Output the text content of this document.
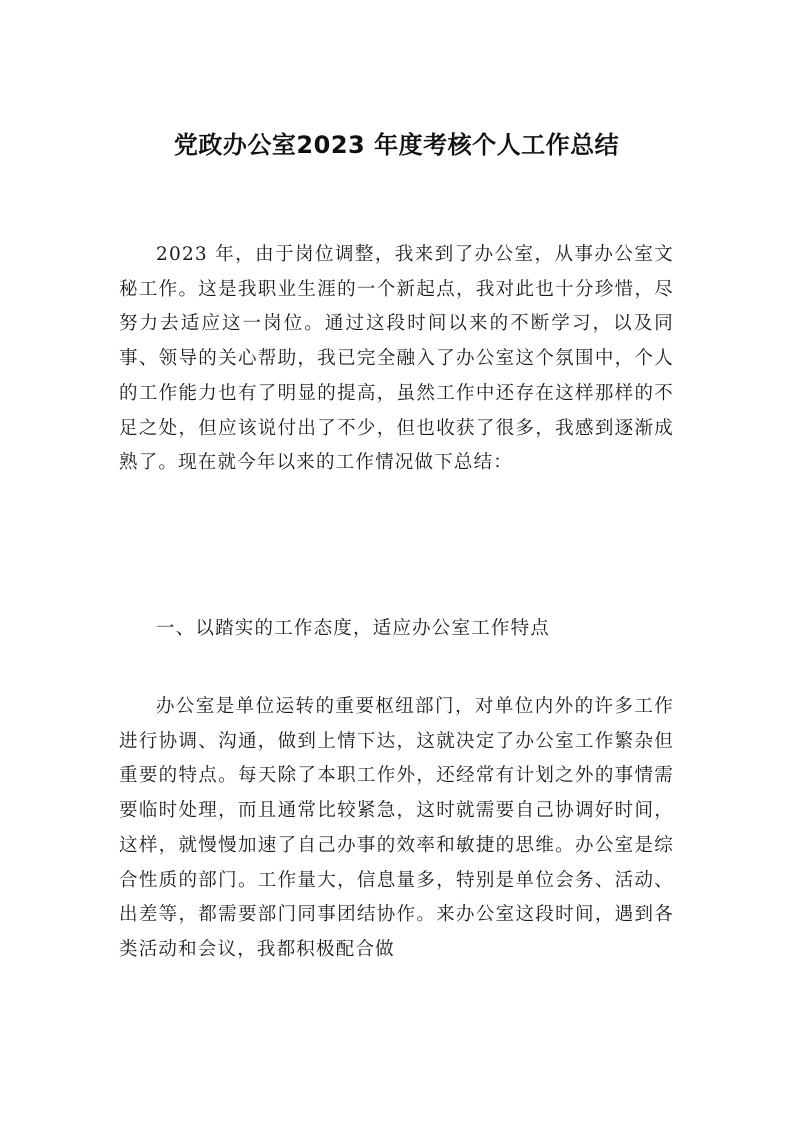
党政办公室2023 年度考核个人工作总结

2023 年，由于岗位调整，我来到了办公室，从事办公室文秘工作。这是我职业生涯的一个新起点，我对此也十分珍惜，尽努力去适应这一岗位。通过这段时间以来的不断学习，以及同事、领导的关心帮助，我已完全融入了办公室这个氛围中，个人的工作能力也有了明显的提高，虽然工作中还存在这样那样的不足之处，但应该说付出了不少，但也收获了很多，我感到逐渐成熟了。现在就今年以来的工作情况做下总结：

一、以踏实的工作态度，适应办公室工作特点

办公室是单位运转的重要枢纽部门，对单位内外的许多工作进行协调、沟通，做到上情下达，这就决定了办公室工作繁杂但重要的特点。每天除了本职工作外，还经常有计划之外的事情需要临时处理，而且通常比较紧急，这时就需要自己协调好时间，这样，就慢慢加速了自己办事的效率和敏捷的思维。办公室是综合性质的部门。工作量大，信息量多，特别是单位会务、活动、出差等，都需要部门同事团结协作。来办公室这段时间，遇到各类活动和会议，我都积极配合做
